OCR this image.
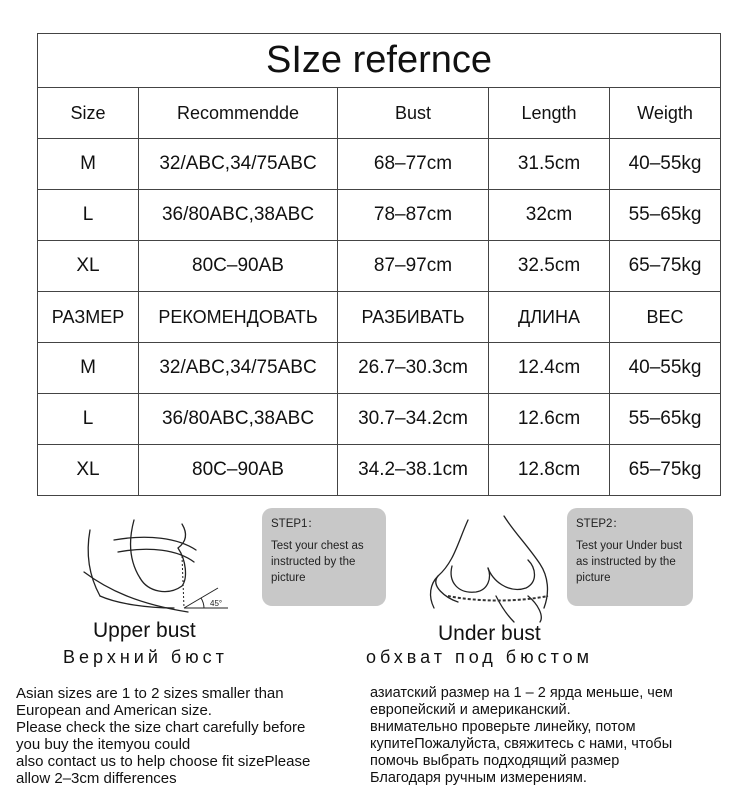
SIze refernce				
Size	Recommendde	Bust	Length	Weigth
M	32/ABC,34/75ABC	68–77cm	31.5cm	40–55kg
L	36/80ABC,38ABC	78–87cm	32cm	55–65kg
XL	80C–90AB	87–97cm	32.5cm	65–75kg
РАЗМЕР	РЕКОМЕНДОВАТЬ	РАЗБИВАТЬ	ДЛИНА	ВЕС
M	32/ABC,34/75ABC	26.7–30.3cm	12.4cm	40–55kg
L	36/80ABC,38ABC	30.7–34.2cm	12.6cm	55–65kg
XL	80C–90AB	34.2–38.1cm	12.8cm	65–75kg
45°
STEP1：
Test your chest as instructed by the picture
Upper bust
Верхний бюст
STEP2：
Test your Under bust as instructed by the picture
Under bust
обхват под бюстом
Asian sizes are 1 to 2 sizes smaller than
European and American size.
Please check the size chart carefully before
you buy the itemyou could
also contact us to help choose fit sizePlease
allow 2–3cm differences
азиатский размер на 1 – 2 ярда меньше, чем
европейский и американский.
внимательно проверьте линейку, потом
купитеПожалуйста, свяжитесь с нами, чтобы
помочь выбрать подходящий размер
Благодаря ручным измерениям.
